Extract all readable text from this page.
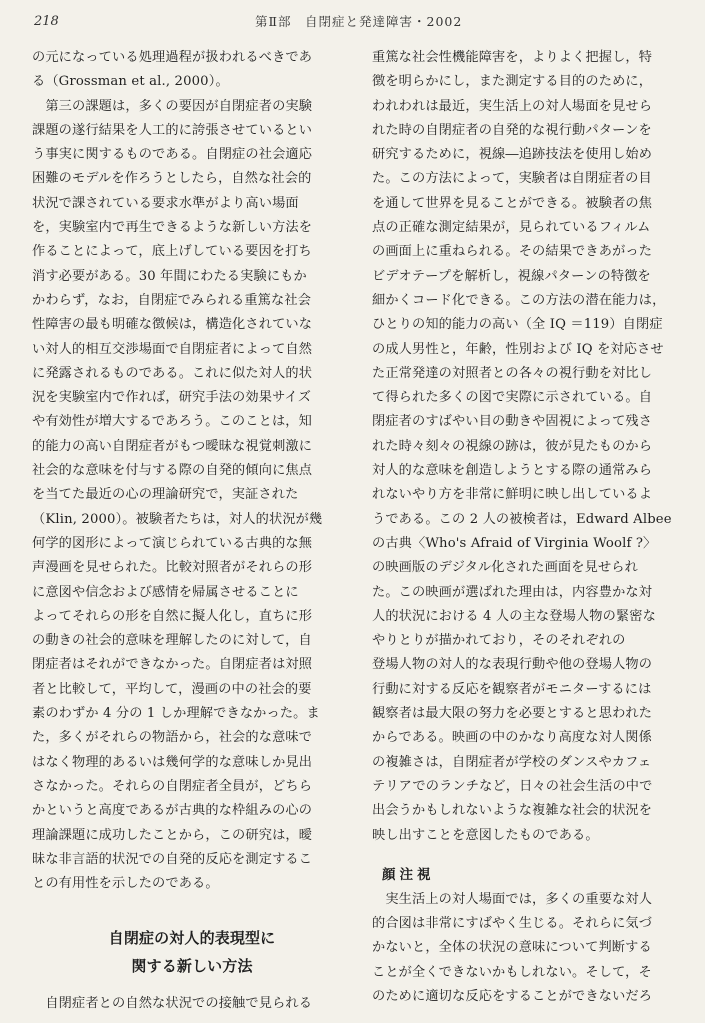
218	第Ⅱ部　自閉症と発達障害・2002
の元になっている処理過程が扱われるべきであ
る（Grossman et al., 2000）。
　第三の課題は，多くの要因が自閉症者の実験
課題の遂行結果を人工的に誇張させているとい
う事実に関するものである。自閉症の社会適応
困難のモデルを作ろうとしたら，自然な社会的
状況で課されている要求水準がより高い場面
を，実験室内で再生できるような新しい方法を
作ることによって，底上げしている要因を打ち
消す必要がある。30 年間にわたる実験にもか
かわらず，なお，自閉症でみられる重篤な社会
性障害の最も明確な徴候は，構造化されていな
い対人的相互交渉場面で自閉症者によって自然
に発露されるものである。これに似た対人的状
況を実験室内で作れば，研究手法の効果サイズ
や有効性が増大するであろう。このことは，知
的能力の高い自閉症者がもつ曖昧な視覚刺激に
社会的な意味を付与する際の自発的傾向に焦点
を当てた最近の心の理論研究で，実証された
（Klin, 2000）。被験者たちは，対人的状況が幾
何学的図形によって演じられている古典的な無
声漫画を見せられた。比較対照者がそれらの形
に意図や信念および感情を帰属させることに
よってそれらの形を自然に擬人化し，直ちに形
の動きの社会的意味を理解したのに対して，自
閉症者はそれができなかった。自閉症者は対照
者と比較して，平均して，漫画の中の社会的要
素のわずか 4 分の 1 しか理解できなかった。ま
た，多くがそれらの物語から，社会的な意味で
はなく物理的あるいは幾何学的な意味しか見出
さなかった。それらの自閉症者全員が，どちら
かというと高度であるが古典的な枠組みの心の
理論課題に成功したことから，この研究は，曖
昧な非言語的状況での自発的反応を測定するこ
との有用性を示したのである。
自閉症の対人的表現型に
関する新しい方法
　自閉症者との自然な状況での接触で見られる
重篤な社会性機能障害を，よりよく把握し，特
徴を明らかにし，また測定する目的のために，
われわれは最近，実生活上の対人場面を見せら
れた時の自閉症者の自発的な視行動パターンを
研究するために，視線―追跡技法を使用し始め
た。この方法によって，実験者は自閉症者の目
を通して世界を見ることができる。被験者の焦
点の正確な測定結果が，見られているフィルム
の画面上に重ねられる。その結果できあがった
ビデオテープを解析し，視線パターンの特徴を
細かくコード化できる。この方法の潜在能力は，
ひとりの知的能力の高い（全 IQ ＝119）自閉症
の成人男性と，年齢，性別および IQ を対応させ
た正常発達の対照者との各々の視行動を対比し
て得られた多くの図で実際に示されている。自
閉症者のすばやい目の動きや固視によって残さ
れた時々刻々の視線の跡は，彼が見たものから
対人的な意味を創造しようとする際の通常みら
れないやり方を非常に鮮明に映し出しているよ
うである。この 2 人の被検者は，Edward Albee
の古典〈Who's Afraid of Virginia Woolf ?〉
の映画版のデジタル化された画面を見せられ
た。この映画が選ばれた理由は，内容豊かな対
人的状況における 4 人の主な登場人物の緊密な
やりとりが描かれており，そのそれぞれの
登場人物の対人的な表現行動や他の登場人物の
行動に対する反応を観察者がモニターするには
観察者は最大限の努力を必要とすると思われた
からである。映画の中のかなり高度な対人関係
の複雑さは，自閉症者が学校のダンスやカフェ
テリアでのランチなど，日々の社会生活の中で
出会うかもしれないような複雑な社会的状況を
映し出すことを意図したものである。
顔注視
　実生活上の対人場面では，多くの重要な対人
的合図は非常にすばやく生じる。それらに気づ
かないと，全体の状況の意味について判断する
ことが全くできないかもしれない。そして，そ
のために適切な反応をすることができないだろ
